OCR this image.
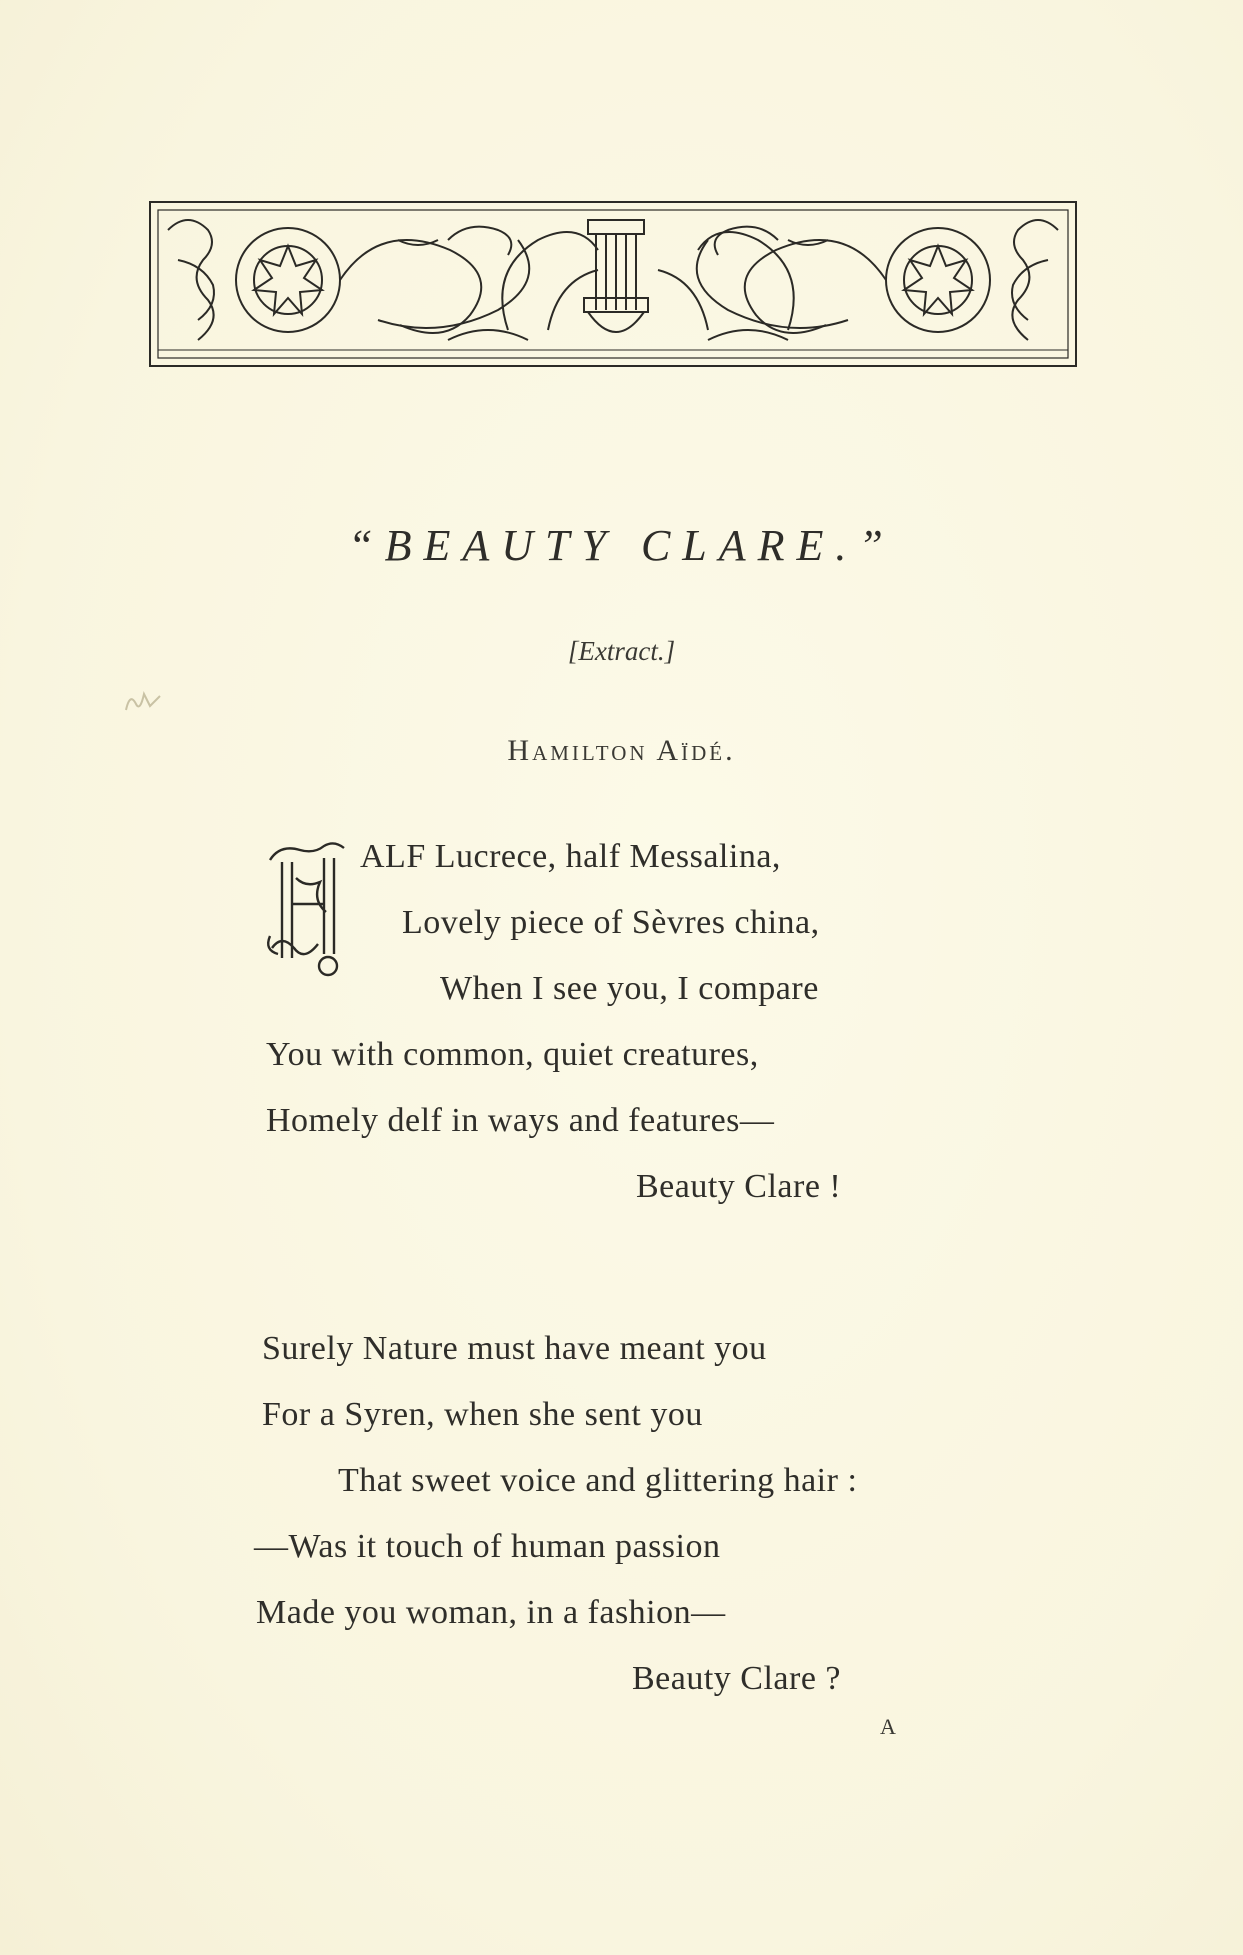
“BEAUTY CLARE.”
[Extract.]
Hamilton Aïdé.
ALF Lucrece, half Messalina,
Lovely piece of Sèvres china,
When I see you, I compare
You with common, quiet creatures,
Homely delf in ways and features—
Beauty Clare !
Surely Nature must have meant you
For a Syren, when she sent you
That sweet voice and glittering hair :
—Was it touch of human passion
Made you woman, in a fashion—
Beauty Clare ?
A
